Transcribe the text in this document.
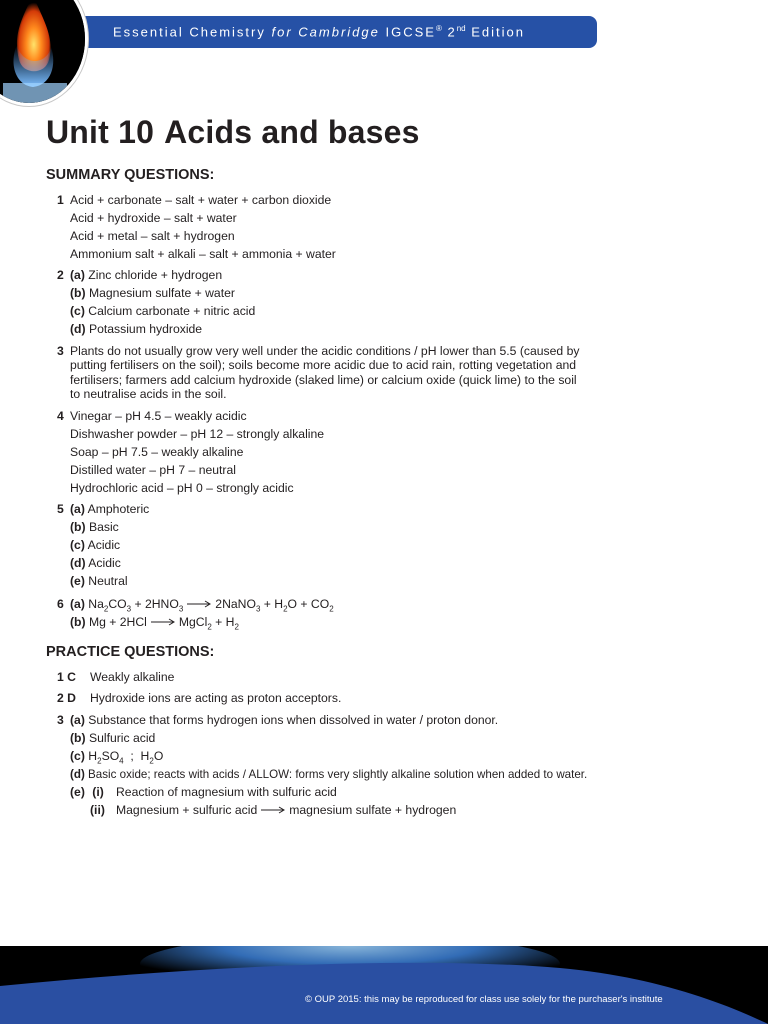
Essential Chemistry for Cambridge IGCSE® 2nd Edition
Unit 10 Acids and bases
SUMMARY QUESTIONS:
1 Acid + carbonate – salt + water + carbon dioxide
Acid + hydroxide – salt + water
Acid + metal – salt + hydrogen
Ammonium salt + alkali – salt + ammonia + water
2 (a) Zinc chloride + hydrogen
(b) Magnesium sulfate + water
(c) Calcium carbonate + nitric acid
(d) Potassium hydroxide
3 Plants do not usually grow very well under the acidic conditions / pH lower than 5.5 (caused by
putting fertilisers on the soil); soils become more acidic due to acid rain, rotting vegetation and
fertilisers; farmers add calcium hydroxide (slaked lime) or calcium oxide (quick lime) to the soil
to neutralise acids in the soil.
4 Vinegar – pH 4.5 – weakly acidic
Dishwasher powder – pH 12 – strongly alkaline
Soap – pH 7.5 – weakly alkaline
Distilled water – pH 7 – neutral
Hydrochloric acid – pH 0 – strongly acidic
5 (a) Amphoteric
(b) Basic
(c) Acidic
(d) Acidic
(e) Neutral
6 (a) $Na_2CO_3 + 2HNO_3$	2NaNO$_3$ + $H_2O + CO_2$
(b) Mg + 2HCl	MgCl$_2$ + $H_2$
PRACTICE QUESTIONS:
1 C Weakly alkaline
2 D Hydroxide ions are acting as proton acceptors.
3 (a) Substance that forms hydrogen ions when dissolved in water / proton donor.
(b) Sulfuric acid
(c) $H_2SO_4$  ;  $H_2O$
(d) Basic oxide; reacts with acids / ALLOW: forms very slightly alkaline solution when added to water.
(e) (i) Reaction of magnesium with sulfuric acid
(ii) Magnesium + sulfuric acid	magnesium sulfate + hydrogen
© OUP 2015: this may be reproduced for class use solely for the purchaser's institute
